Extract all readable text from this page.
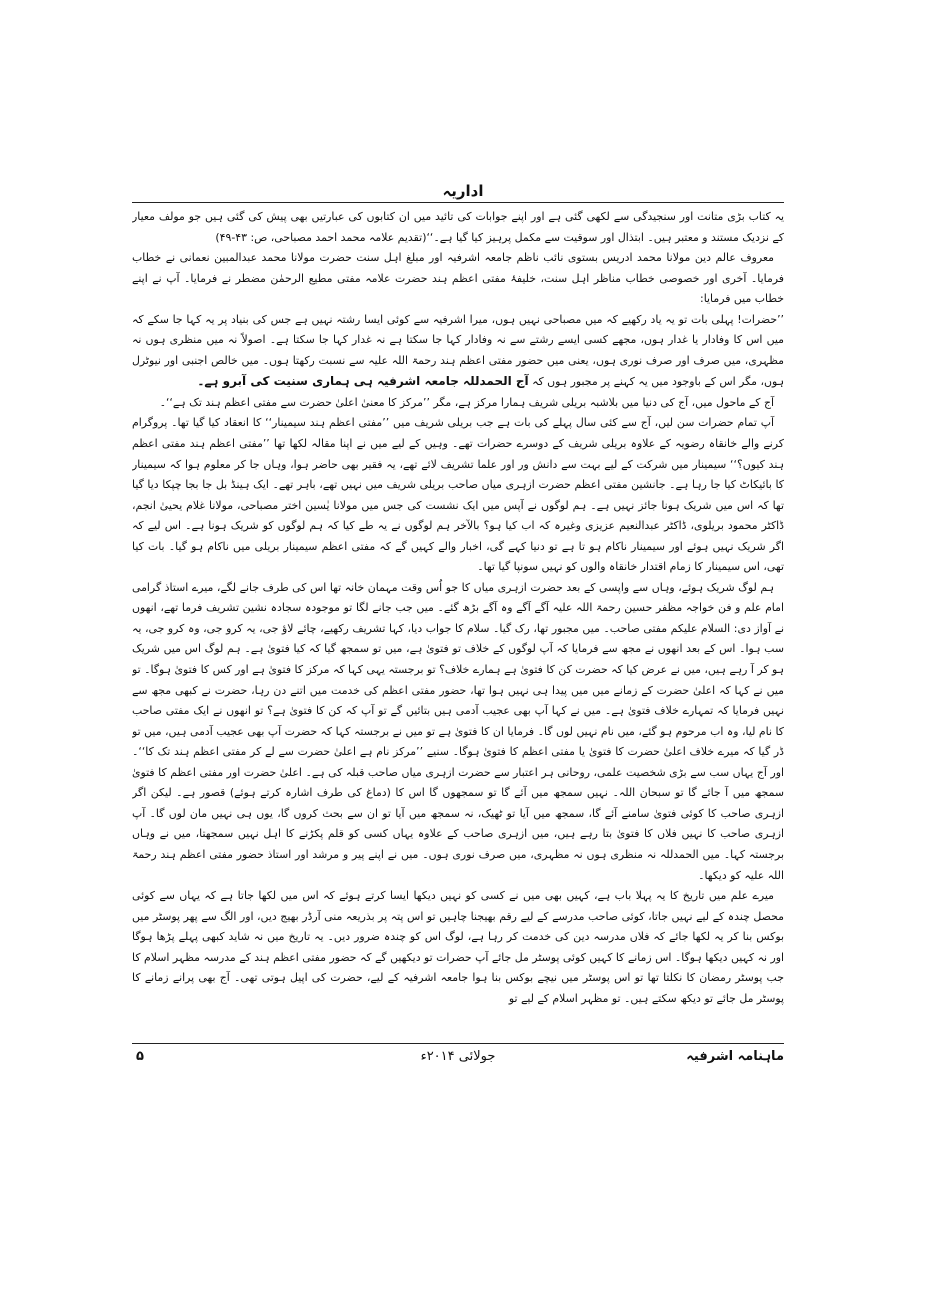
اداریہ

یہ کتاب بڑی متانت اور سنجیدگی سے لکھی گئی ہے اور اپنے جوابات کی تائید میں ان کتابوں کی عبارتیں بھی پیش کی گئی ہیں جو مولف معیار کے نزدیک مستند و معتبر ہیں۔ ابتذال اور سوقیت سے مکمل پرہیز کیا گیا ہے۔‘‘(تقدیم علامہ محمد احمد مصباحی، ص: ۴۳-۴۹)

معروف عالم دین مولانا محمد ادریس بستوی نائب ناظم جامعہ اشرفیہ اور مبلغ اہل سنت حضرت مولانا محمد عبدالمبین نعمانی نے خطاب فرمایا۔ آخری اور خصوصی خطاب مناظر اہل سنت، خلیفۂ مفتی اعظم ہند حضرت علامہ مفتی مطیع الرحمٰن مضطر نے فرمایا۔ آپ نے اپنے خطاب میں فرمایا:

’’حضرات! پہلی بات تو یہ یاد رکھیے کہ میں مصباحی نہیں ہوں، میرا اشرفیہ سے کوئی ایسا رشتہ نہیں ہے جس کی بنیاد پر یہ کہا جا سکے کہ میں اس کا وفادار یا غدار ہوں، مجھے کسی ایسے رشتے سے نہ وفادار کہا جا سکتا ہے نہ غدار کہا جا سکتا ہے۔ اصولاً نہ میں منظری ہوں نہ مظہری، میں صرف اور صرف نوری ہوں، یعنی میں حضور مفتی اعظم ہند رحمۃ اللہ علیہ سے نسبت رکھتا ہوں۔ میں خالص اجنبی اور نیوٹرل ہوں، مگر اس کے باوجود میں یہ کہنے پر مجبور ہوں کہ آج الحمدللہ جامعہ اشرفیہ ہی ہماری سنیت کی آبرو ہے۔

آج کے ماحول میں، آج کی دنیا میں بلاشبہ بریلی شریف ہمارا مرکز ہے، مگر ’’مرکز کا معنیٰ اعلیٰ حضرت سے مفتی اعظم ہند تک ہے‘‘۔

آپ تمام حضرات سن لیں، آج سے کئی سال پہلے کی بات ہے جب بریلی شریف میں ’’مفتی اعظم ہند سیمینار‘‘ کا انعقاد کیا گیا تھا۔ پروگرام کرنے والے خانقاہ رضویہ کے علاوہ بریلی شریف کے دوسرے حضرات تھے۔ وہیں کے لیے میں نے اپنا مقالہ لکھا تھا ’’مفتی اعظم ہند مفتی اعظم ہند کیوں؟‘‘ سیمینار میں شرکت کے لیے بہت سے دانش ور اور علما تشریف لائے تھے، یہ فقیر بھی حاضر ہوا، وہاں جا کر معلوم ہوا کہ سیمینار کا بائیکاٹ کیا جا رہا ہے۔ جانشین مفتی اعظم حضرت ازہری میاں صاحب بریلی شریف میں نہیں تھے، باہر تھے۔ ایک ہینڈ بل جا بجا چپکا دیا گیا تھا کہ اس میں شریک ہونا جائز نہیں ہے۔ ہم لوگوں نے آپس میں ایک نشست کی جس میں مولانا یٰسین اختر مصباحی، مولانا غلام یحییٰ انجم، ڈاکٹر محمود بریلوی، ڈاکٹر عبدالنعیم عزیزی وغیرہ کہ اب کیا ہو؟ بالآخر ہم لوگوں نے یہ طے کیا کہ ہم لوگوں کو شریک ہونا ہے۔ اس لیے کہ اگر شریک نہیں ہوئے اور سیمینار ناکام ہو تا ہے تو دنیا کہے گی، اخبار والے کہیں گے کہ مفتی اعظم سیمینار بریلی میں ناکام ہو گیا۔ بات کیا تھی، اس سیمینار کا زمام اقتدار خانقاہ والوں کو نہیں سونپا گیا تھا۔

ہم لوگ شریک ہوئے، وہاں سے واپسی کے بعد حضرت ازہری میاں کا جو اُس وقت مہمان خانہ تھا اس کی طرف جانے لگے، میرے استاذ گرامی امام علم و فن خواجہ مظفر حسین رحمۃ اللہ علیہ آگے آگے وہ آگے بڑھ گئے۔ میں جب جانے لگا تو موجودہ سجادہ نشین تشریف فرما تھے، انھوں نے آواز دی: السلام علیکم مفتی صاحب۔ میں مجبور تھا، رک گیا۔ سلام کا جواب دیا، کہا تشریف رکھیے، چائے لاؤ جی، یہ کرو جی، وہ کرو جی، یہ سب ہوا۔ اس کے بعد انھوں نے مجھ سے فرمایا کہ آپ لوگوں کے خلاف تو فتویٰ ہے، میں تو سمجھ گیا کہ کیا فتویٰ ہے۔ ہم لوگ اس میں شریک ہو کر آ رہے ہیں، میں نے عرض کیا کہ حضرت کن کا فتویٰ ہے ہمارے خلاف؟ تو برجستہ یہی کہا کہ مرکز کا فتویٰ ہے اور کس کا فتویٰ ہوگا۔ تو میں نے کہا کہ اعلیٰ حضرت کے زمانے میں میں پیدا ہی نہیں ہوا تھا، حضور مفتی اعظم کی خدمت میں اتنے دن رہا، حضرت نے کبھی مجھ سے نہیں فرمایا کہ تمہارے خلاف فتویٰ ہے۔ میں نے کہا آپ بھی عجیب آدمی ہیں بتائیں گے تو آپ کہ کن کا فتویٰ ہے؟ تو انھوں نے ایک مفتی صاحب کا نام لیا، وہ اب مرحوم ہو گئے، میں نام نہیں لوں گا۔ فرمایا ان کا فتویٰ ہے تو میں نے برجستہ کہا کہ حضرت آپ بھی عجیب آدمی ہیں، میں تو ڈر گیا کہ میرے خلاف اعلیٰ حضرت کا فتویٰ یا مفتی اعظم کا فتویٰ ہوگا۔ سنیے ’’مرکز نام ہے اعلیٰ حضرت سے لے کر مفتی اعظم ہند تک کا‘‘۔ اور آج یہاں سب سے بڑی شخصیت علمی، روحانی ہر اعتبار سے حضرت ازہری میاں صاحب قبلہ کی ہے۔ اعلیٰ حضرت اور مفتی اعظم کا فتویٰ سمجھ میں آ جائے گا تو سبحان اللہ۔ نہیں سمجھ میں آئے گا تو سمجھوں گا اس کا (دماغ کی طرف اشارہ کرتے ہوئے) قصور ہے۔ لیکن اگر ازہری صاحب کا کوئی فتویٰ سامنے آئے گا، سمجھ میں آیا تو ٹھیک، نہ سمجھ میں آیا تو ان سے بحث کروں گا، یوں ہی نہیں مان لوں گا۔ آپ ازہری صاحب کا نہیں فلاں کا فتویٰ بتا رہے ہیں، میں ازہری صاحب کے علاوہ یہاں کسی کو قلم پکڑنے کا اہل نہیں سمجھتا، میں نے وہاں برجستہ کہا۔ میں الحمدللہ نہ منظری ہوں نہ مظہری، میں صرف نوری ہوں۔ میں نے اپنے پیر و مرشد اور استاذ حضور مفتی اعظم ہند رحمۃ اللہ علیہ کو دیکھا۔

میرے علم میں تاریخ کا یہ پہلا باب ہے، کہیں بھی میں نے کسی کو نہیں دیکھا ایسا کرتے ہوئے کہ اس میں لکھا جاتا ہے کہ یہاں سے کوئی محصل چندہ کے لیے نہیں جاتا، کوئی صاحب مدرسے کے لیے رقم بھیجنا چاہیں تو اس پتہ پر بذریعہ منی آرڈر بھیج دیں، اور الگ سے پھر پوسٹر میں بوکس بنا کر یہ لکھا جائے کہ فلاں مدرسہ دین کی خدمت کر رہا ہے، لوگ اس کو چندہ ضرور دیں۔ یہ تاریخ میں نہ شاید کبھی پہلے پڑھا ہوگا اور نہ کہیں دیکھا ہوگا۔ اس زمانے کا کہیں کوئی پوسٹر مل جائے آپ حضرات تو دیکھیں گے کہ حضور مفتی اعظم ہند کے مدرسہ مظہر اسلام کا جب پوسٹر رمضان کا نکلتا تھا تو اس پوسٹر میں نیچے بوکس بنا ہوا جامعہ اشرفیہ کے لیے، حضرت کی اپیل ہوتی تھی۔ آج بھی پرانے زمانے کا پوسٹر مل جائے تو دیکھ سکتے ہیں۔ تو مظہر اسلام کے لیے تو

ماہنامہ اشرفیہ
جولائی ۲۰۱۴ء
۵
